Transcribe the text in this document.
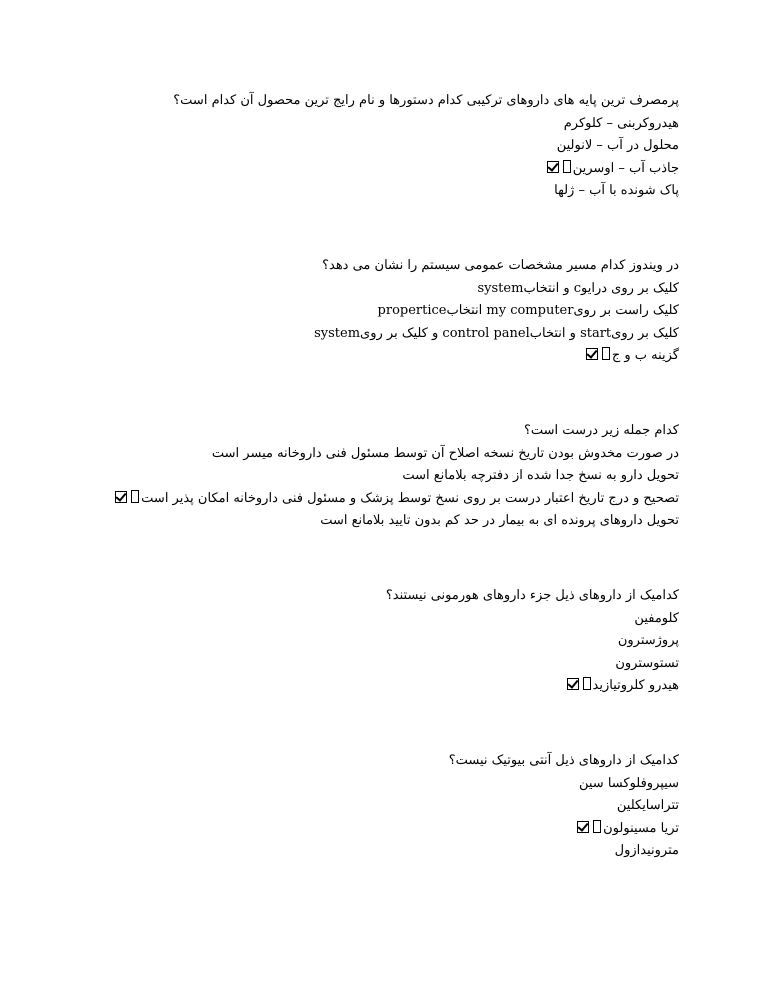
پرمصرف ترین پایه های داروهای ترکیبی کدام دستورها و نام رایج ترین محصول آن کدام است؟
هیدروکربنی – کلوکرم
محلول در آب – لانولین
جاذب آب – اوسرین
پاک شونده با آب – ژلها
در ویندوز کدام مسیر مشخصات عمومی سیستم را نشان می دهد؟
کلیک بر روی درایوc و انتخابsystem
کلیک راست بر رویmy computer انتخابpropertice
کلیک بر رویstart و انتخابcontrol panel و کلیک بر رویsystem
گزینه ب و ج
کدام جمله زیر درست است؟
در صورت مخدوش بودن تاریخ نسخه اصلاح آن توسط مسئول فنی داروخانه میسر است
تحویل دارو به نسخ جدا شده از دفترچه بلامانع است
تصحیح و درج تاریخ اعتبار درست بر روی نسخ توسط پزشک و مسئول فنی داروخانه امکان پذیر است
تحویل داروهای پرونده ای به بیمار در حد کم بدون تایید بلامانع است
کدامیک از داروهای ذیل جزء داروهای هورمونی نیستند؟
کلومفین
پروژسترون
تستوسترون
هیدرو کلروتیازید
کدامیک از داروهای ذیل آنتی بیوتیک نیست؟
سیپروفلوکسا سین
تتراسایکلین
تریا مسینولون
مترونیدازول
